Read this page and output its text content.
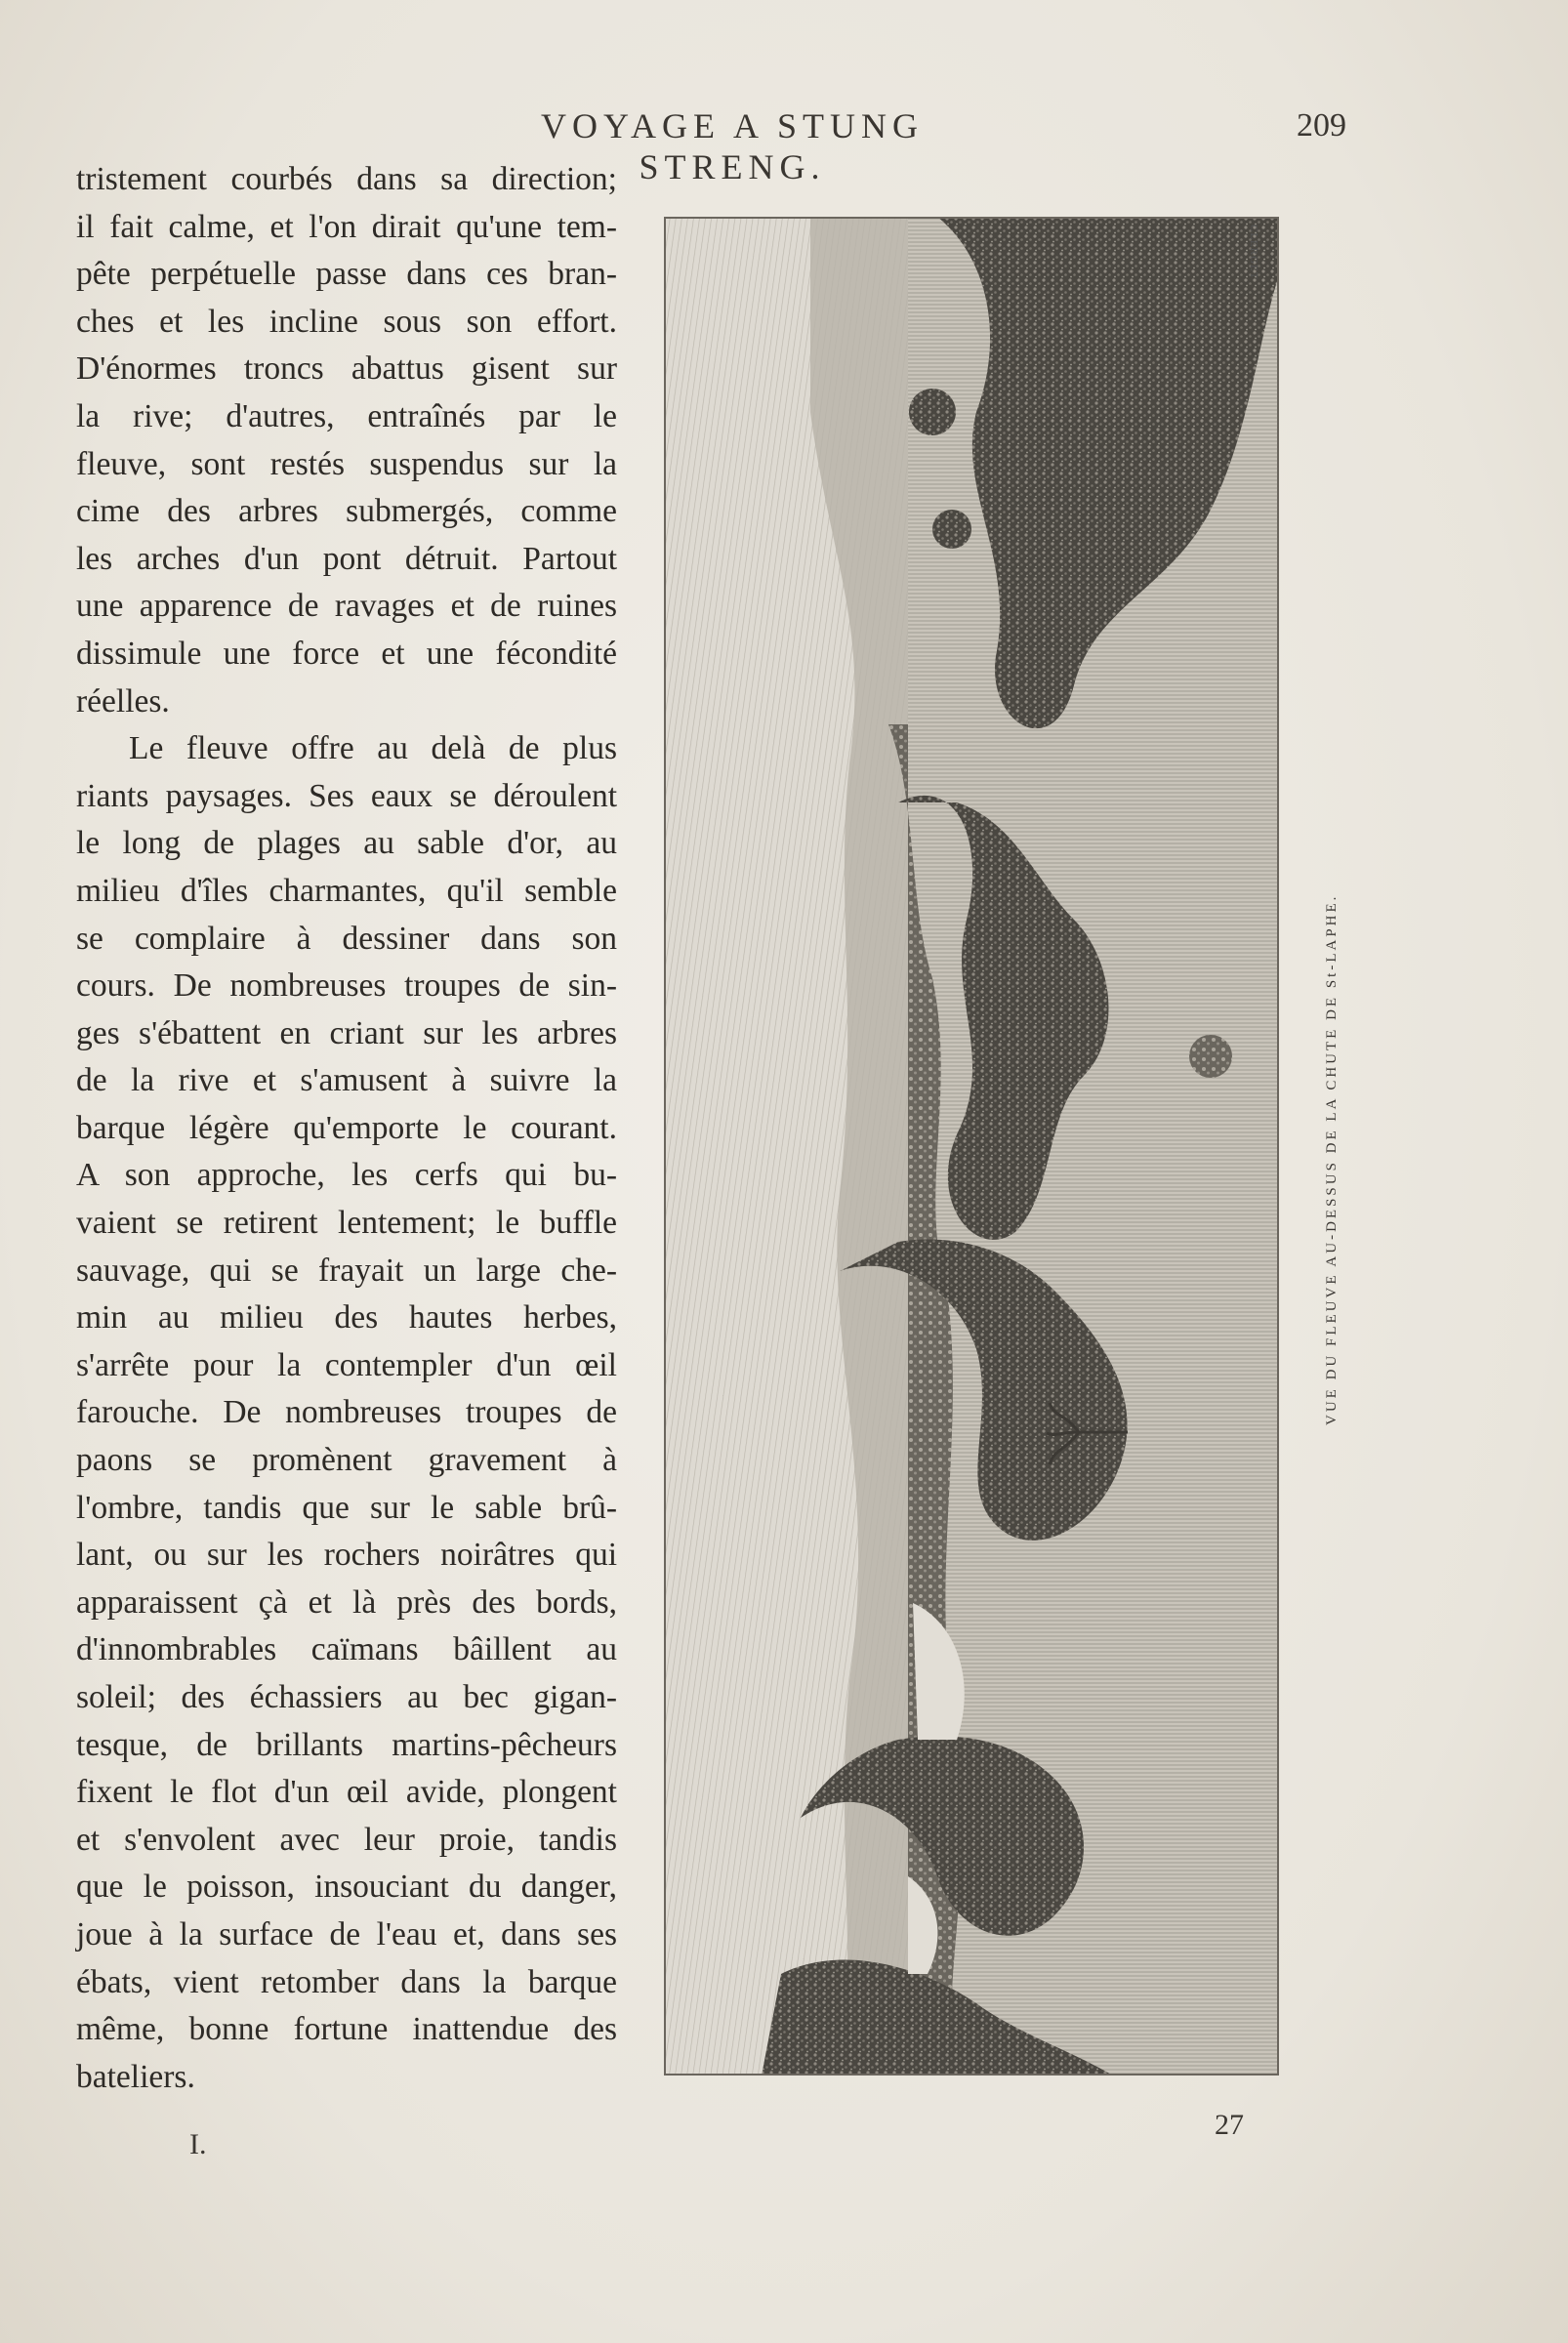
VOYAGE A STUNG STRENG.
209
tristement courbés dans sa direction;
il fait calme, et l'on dirait qu'une tem-
pête perpétuelle passe dans ces bran-
ches et les incline sous son effort.
D'énormes troncs abattus gisent sur
la rive; d'autres, entraînés par le
fleuve, sont restés suspendus sur la
cime des arbres submergés, comme
les arches d'un pont détruit. Partout
une apparence de ravages et de ruines
dissimule une force et une fécondité
réelles.
Le fleuve offre au delà de plus
riants paysages. Ses eaux se déroulent
le long de plages au sable d'or, au
milieu d'îles charmantes, qu'il semble
se complaire à dessiner dans son
cours. De nombreuses troupes de sin-
ges s'ébattent en criant sur les arbres
de la rive et s'amusent à suivre la
barque légère qu'emporte le courant.
A son approche, les cerfs qui bu-
vaient se retirent lentement; le buffle
sauvage, qui se frayait un large che-
min au milieu des hautes herbes,
s'arrête pour la contempler d'un œil
farouche. De nombreuses troupes de
paons se promènent gravement à
l'ombre, tandis que sur le sable brû-
lant, ou sur les rochers noirâtres qui
apparaissent çà et là près des bords,
d'innombrables caïmans bâillent au
soleil; des échassiers au bec gigan-
tesque, de brillants martins-pêcheurs
fixent le flot d'un œil avide, plongent
et s'envolent avec leur proie, tandis
que le poisson, insouciant du danger,
joue à la surface de l'eau et, dans ses
ébats, vient retomber dans la barque
même, bonne fortune inattendue des
bateliers.
CLERGET
VUE DU FLEUVE AU-DESSUS DE LA CHUTE DE St-LAPHE.
I.
27
